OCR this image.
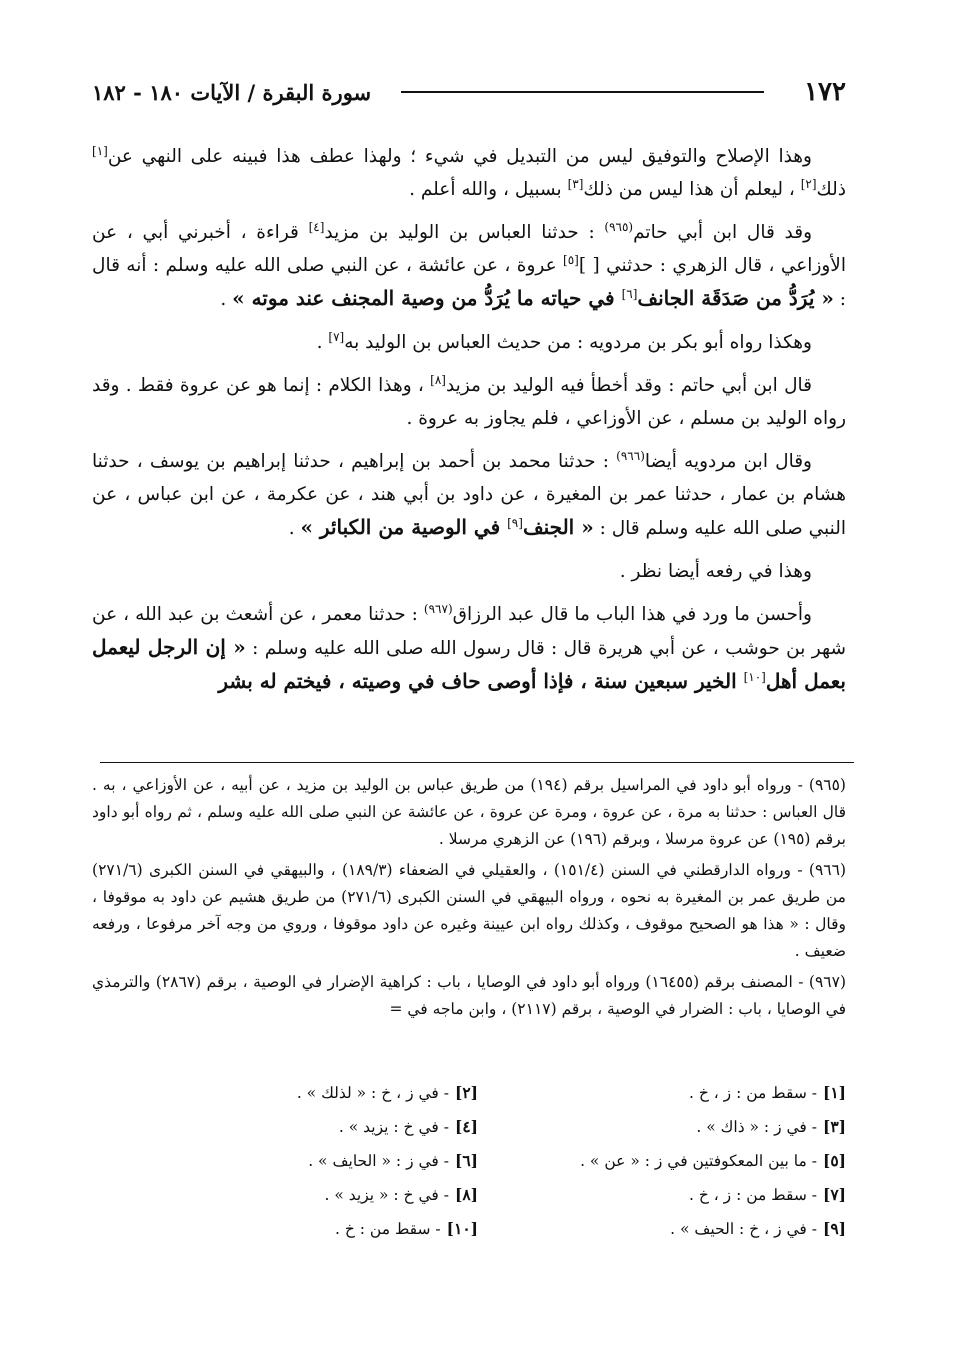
١٧٢
سورة البقرة / الآيات ١٨٠ - ١٨٢

وهذا الإصلاح والتوفيق ليس من التبديل في شيء ؛ ولهذا عطف هذا فبينه على النهي عن[١] ذلك[٢] ، ليعلم أن هذا ليس من ذلك[٣] بسبيل ، والله أعلم .

وقد قال ابن أبي حاتم$^{(٩٦٥)}$ : حدثنا العباس بن الوليد بن مزيد[٤] قراءة ، أخبرني أبي ، عن الأوزاعي ، قال الزهري : حدثني [ ][٥] عروة ، عن عائشة ، عن النبي صلى الله عليه وسلم : أنه قال : « يُرَدُّ من صَدَقَة الجانف[٦] في حياته ما يُرَدُّ من وصية المجنف عند موته » .

وهكذا رواه أبو بكر بن مردويه : من حديث العباس بن الوليد به[٧] .

قال ابن أبي حاتم : وقد أخطأ فيه الوليد بن مزيد[٨] ، وهذا الكلام : إنما هو عن عروة فقط . وقد رواه الوليد بن مسلم ، عن الأوزاعي ، فلم يجاوز به عروة .

وقال ابن مردويه أيضا$^{(٩٦٦)}$ : حدثنا محمد بن أحمد بن إبراهيم ، حدثنا إبراهيم بن يوسف ، حدثنا هشام بن عمار ، حدثنا عمر بن المغيرة ، عن داود بن أبي هند ، عن عكرمة ، عن ابن عباس ، عن النبي صلى الله عليه وسلم قال : « الجنف[٩] في الوصية من الكبائر » .

وهذا في رفعه أيضا نظر .

وأحسن ما ورد في هذا الباب ما قال عبد الرزاق$^{(٩٦٧)}$ : حدثنا معمر ، عن أشعث بن عبد الله ، عن شهر بن حوشب ، عن أبي هريرة قال : قال رسول الله صلى الله عليه وسلم : « إن الرجل ليعمل بعمل أهل[١٠] الخير سبعين سنة ، فإذا أوصى حاف في وصيته ، فيختم له بشر

(٩٦٥) - ورواه أبو داود في المراسيل برقم (١٩٤) من طريق عباس بن الوليد بن مزيد ، عن أبيه ، عن الأوزاعي ، به . قال العباس : حدثنا به مرة ، عن عروة ، ومرة عن عروة ، عن عائشة عن النبي صلى الله عليه وسلم ، ثم رواه أبو داود برقم (١٩٥) عن عروة مرسلا ، وبرقم (١٩٦) عن الزهري مرسلا .

(٩٦٦) - ورواه الدارقطني في السنن (١٥١/٤) ، والعقيلي في الضعفاء (١٨٩/٣) ، والبيهقي في السنن الكبرى (٢٧١/٦) من طريق عمر بن المغيرة به نحوه ، ورواه البيهقي في السنن الكبرى (٢٧١/٦) من طريق هشيم عن داود به موقوفا ، وقال : « هذا هو الصحيح موقوف ، وكذلك رواه ابن عيينة وغيره عن داود موقوفا ، وروي من وجه آخر مرفوعا ، ورفعه ضعيف .

(٩٦٧) - المصنف برقم (١٦٤٥٥) ورواه أبو داود في الوصايا ، باب : كراهية الإضرار في الوصية ، برقم (٢٨٦٧) والترمذي في الوصايا ، باب : الضرار في الوصية ، برقم (٢١١٧) ، وابن ماجه في =

[١]- سقط من : ز ، خ .
[٢]- في ز ، خ : « لذلك » .
[٣]- في ز : « ذاك » .
[٤]- في خ : يزيد » .
[٥]- ما بين المعكوفتين في ز : « عن » .
[٦]- في ز : « الحايف » .
[٧]- سقط من : ز ، خ .
[٨]- في خ : « يزيد » .
[٩]- في ز ، خ : الحيف » .
[١٠]- سقط من : خ .
